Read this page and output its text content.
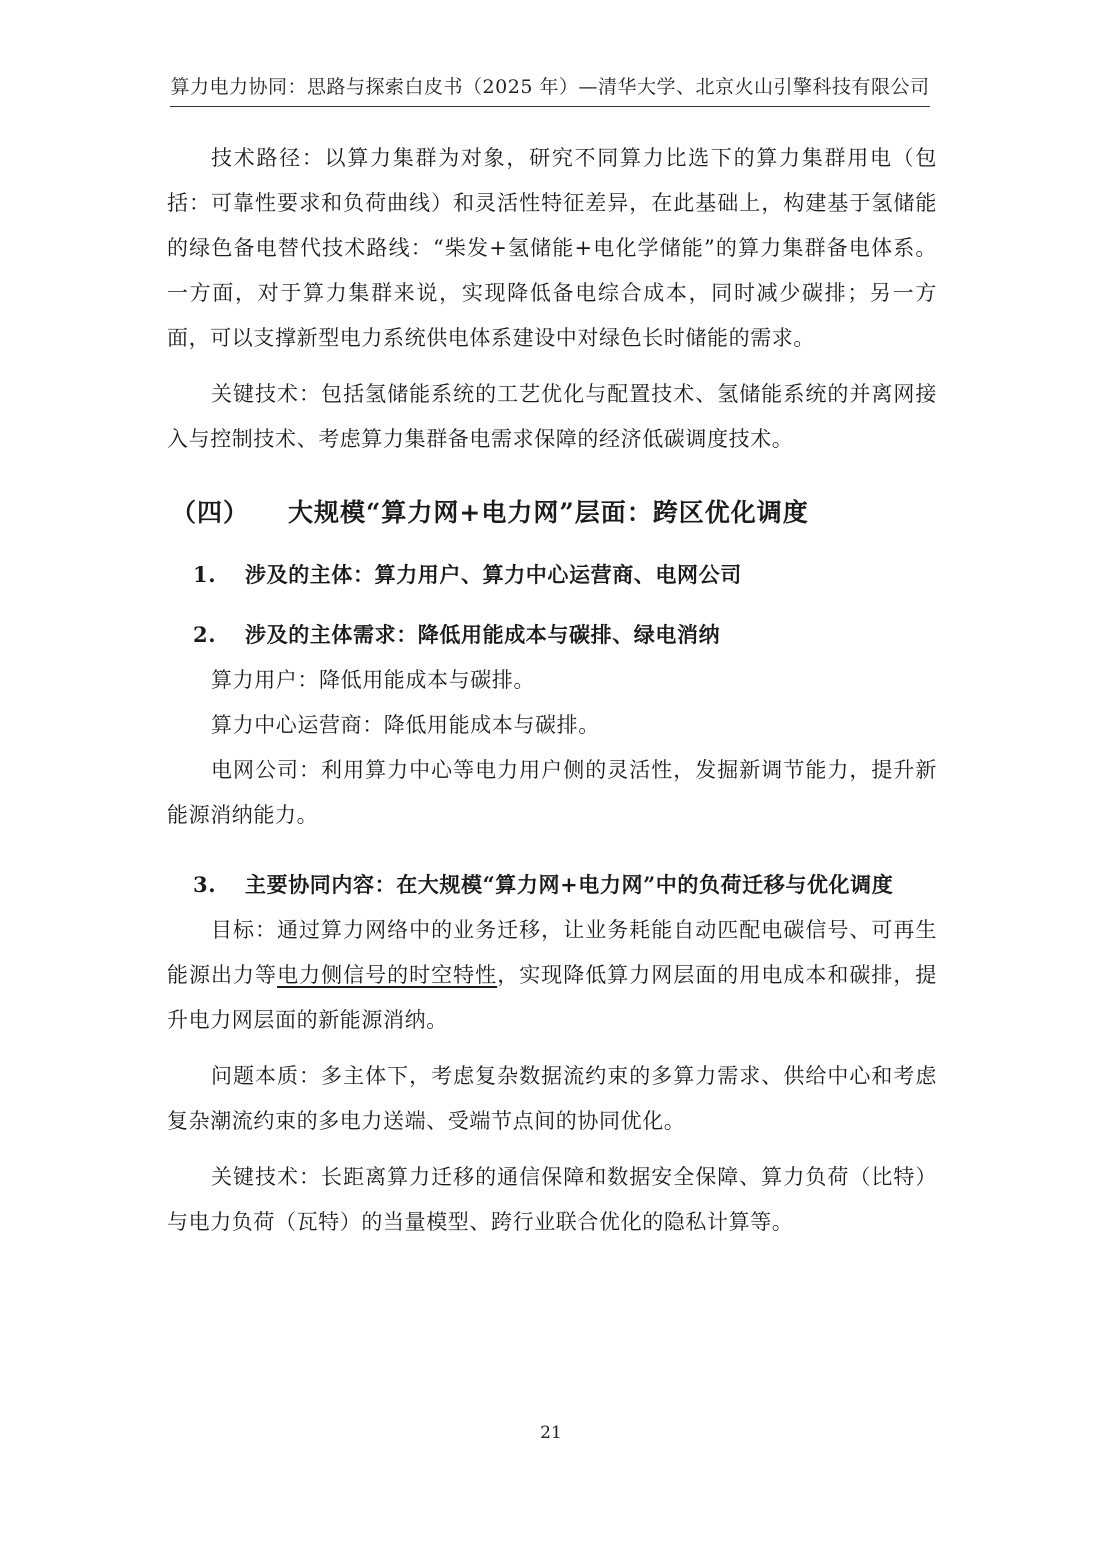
算力电力协同：思路与探索白皮书（2025 年）—清华大学、北京火山引擎科技有限公司

技术路径：以算力集群为对象，研究不同算力比选下的算力集群用电（包括：可靠性要求和负荷曲线）和灵活性特征差异，在此基础上，构建基于氢储能的绿色备电替代技术路线：“柴发+氢储能+电化学储能”的算力集群备电体系。一方面，对于算力集群来说，实现降低备电综合成本，同时减少碳排；另一方面，可以支撑新型电力系统供电体系建设中对绿色长时储能的需求。

关键技术：包括氢储能系统的工艺优化与配置技术、氢储能系统的并离网接入与控制技术、考虑算力集群备电需求保障的经济低碳调度技术。

（四）	大规模“算力网+电力网”层面：跨区优化调度
1.	涉及的主体：算力用户、算力中心运营商、电网公司
2.	涉及的主体需求：降低用能成本与碳排、绿电消纳

算力用户：降低用能成本与碳排。

算力中心运营商：降低用能成本与碳排。

电网公司：利用算力中心等电力用户侧的灵活性，发掘新调节能力，提升新能源消纳能力。

3.	主要协同内容：在大规模“算力网+电力网”中的负荷迁移与优化调度

目标：通过算力网络中的业务迁移，让业务耗能自动匹配电碳信号、可再生能源出力等电力侧信号的时空特性，实现降低算力网层面的用电成本和碳排，提升电力网层面的新能源消纳。

问题本质：多主体下，考虑复杂数据流约束的多算力需求、供给中心和考虑复杂潮流约束的多电力送端、受端节点间的协同优化。

关键技术：长距离算力迁移的通信保障和数据安全保障、算力负荷（比特）与电力负荷（瓦特）的当量模型、跨行业联合优化的隐私计算等。

21
